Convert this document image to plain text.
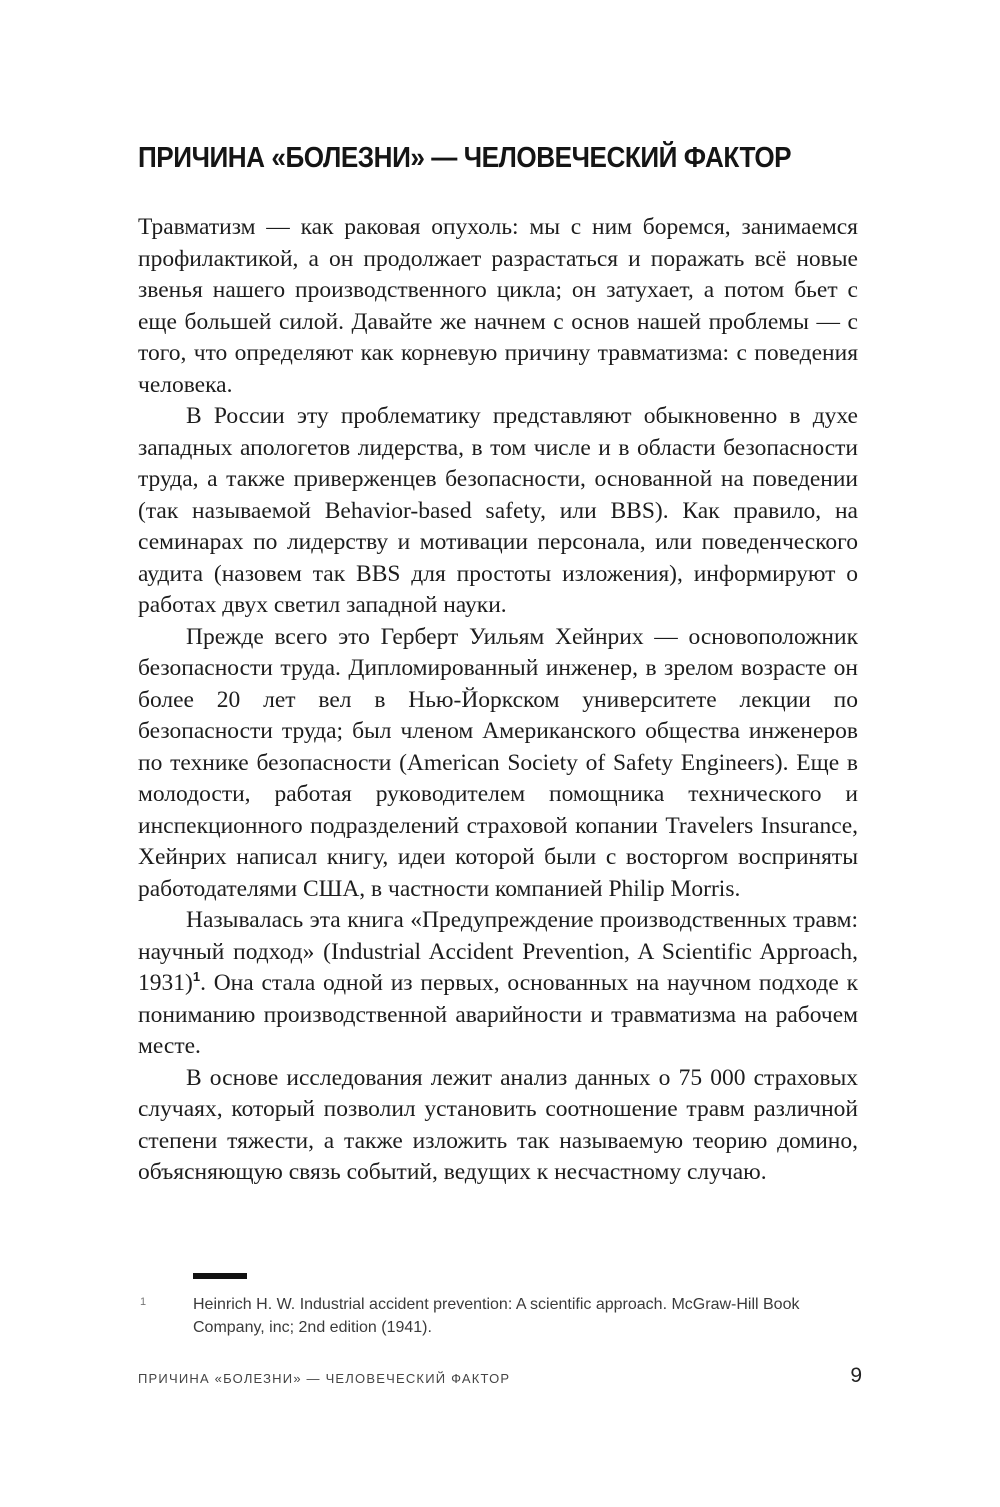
ПРИЧИНА «БОЛЕЗНИ» — ЧЕЛОВЕЧЕСКИЙ ФАКТОР

Травматизм — как раковая опухоль: мы с ним боремся, занимаемся профилактикой, а он продолжает разрастаться и поражать всё новые звенья нашего производственного цикла; он затухает, а потом бьет с еще большей силой. Давайте же начнем с основ нашей проблемы — с того, что определяют как корневую причину травматизма: с поведения человека.

В России эту проблематику представляют обыкновенно в духе западных апологетов лидерства, в том числе и в области безопасности труда, а также приверженцев безопасности, основанной на поведении (так называемой Behavior-based safety, или BBS). Как правило, на семинарах по лидерству и мотивации персонала, или поведенческого аудита (назовем так BBS для простоты изложения), информируют о работах двух светил западной науки.

Прежде всего это Герберт Уильям Хейнрих — основоположник безопасности труда. Дипломированный инженер, в зрелом возрасте он более 20 лет вел в Нью-Йоркском университете лекции по безопасности труда; был членом Американского общества инженеров по технике безопасности (American Society of Safety Engineers). Еще в молодости, работая руководителем помощника технического и инспекционного подразделений страховой копании Travelers Insurance, Хейнрих написал книгу, идеи которой были с восторгом восприняты работодателями США, в частности компанией Philip Morris.

Называлась эта книга «Предупреждение производственных травм: научный подход» (Industrial Accident Prevention, A Scientific Approach, 1931)$^1$. Она стала одной из первых, основанных на научном подходе к пониманию производственной аварийности и травматизма на рабочем месте.

В основе исследования лежит анализ данных о 75 000 страховых случаях, который позволил установить соотношение травм различной степени тяжести, а также изложить так называемую теорию домино, объясняющую связь событий, ведущих к несчастному случаю.

1	Heinrich H. W. Industrial accident prevention: A scientific approach. McGraw-Hill Book Company, inc; 2nd edition (1941).
ПРИЧИНА «БОЛЕЗНИ» — ЧЕЛОВЕЧЕСКИЙ ФАКТОР	9
